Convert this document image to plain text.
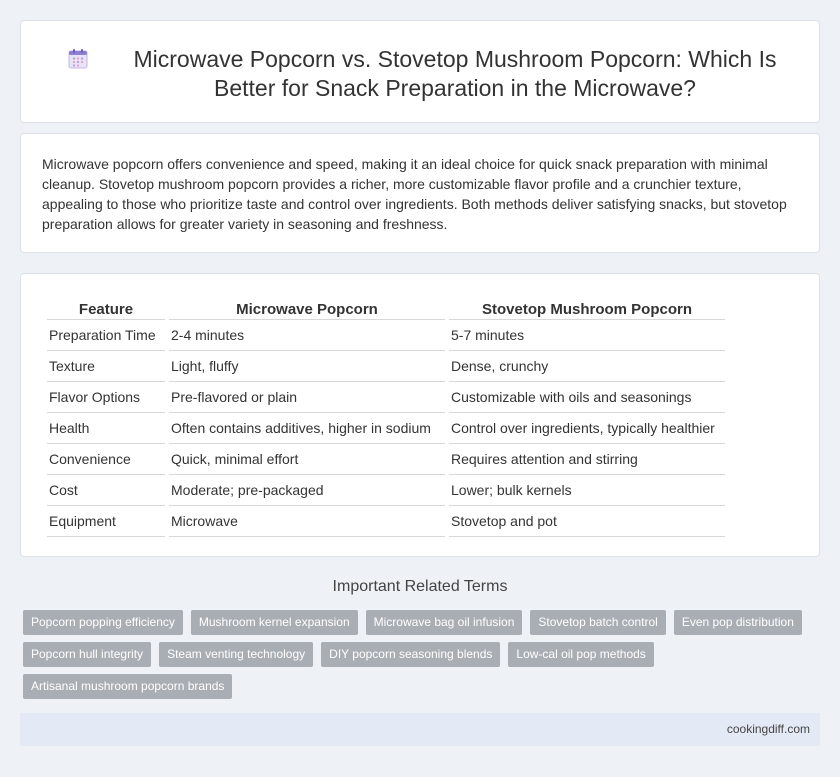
Microwave Popcorn vs. Stovetop Mushroom Popcorn: Which Is Better for Snack Preparation in the Microwave?

Microwave popcorn offers convenience and speed, making it an ideal choice for quick snack preparation with minimal cleanup. Stovetop mushroom popcorn provides a richer, more customizable flavor profile and a crunchier texture, appealing to those who prioritize taste and control over ingredients. Both methods deliver satisfying snacks, but stovetop preparation allows for greater variety in seasoning and freshness.

Feature	Microwave Popcorn	Stovetop Mushroom Popcorn
Preparation Time	2-4 minutes	5-7 minutes
Texture	Light, fluffy	Dense, crunchy
Flavor Options	Pre-flavored or plain	Customizable with oils and seasonings
Health	Often contains additives, higher in sodium	Control over ingredients, typically healthier
Convenience	Quick, minimal effort	Requires attention and stirring
Cost	Moderate; pre-packaged	Lower; bulk kernels
Equipment	Microwave	Stovetop and pot
Important Related Terms
Popcorn popping efficiency	Mushroom kernel expansion	Microwave bag oil infusion	Stovetop batch control	Even pop distribution
Popcorn hull integrity	Steam venting technology	DIY popcorn seasoning blends	Low-cal oil pop methods
Artisanal mushroom popcorn brands
cookingdiff.com
